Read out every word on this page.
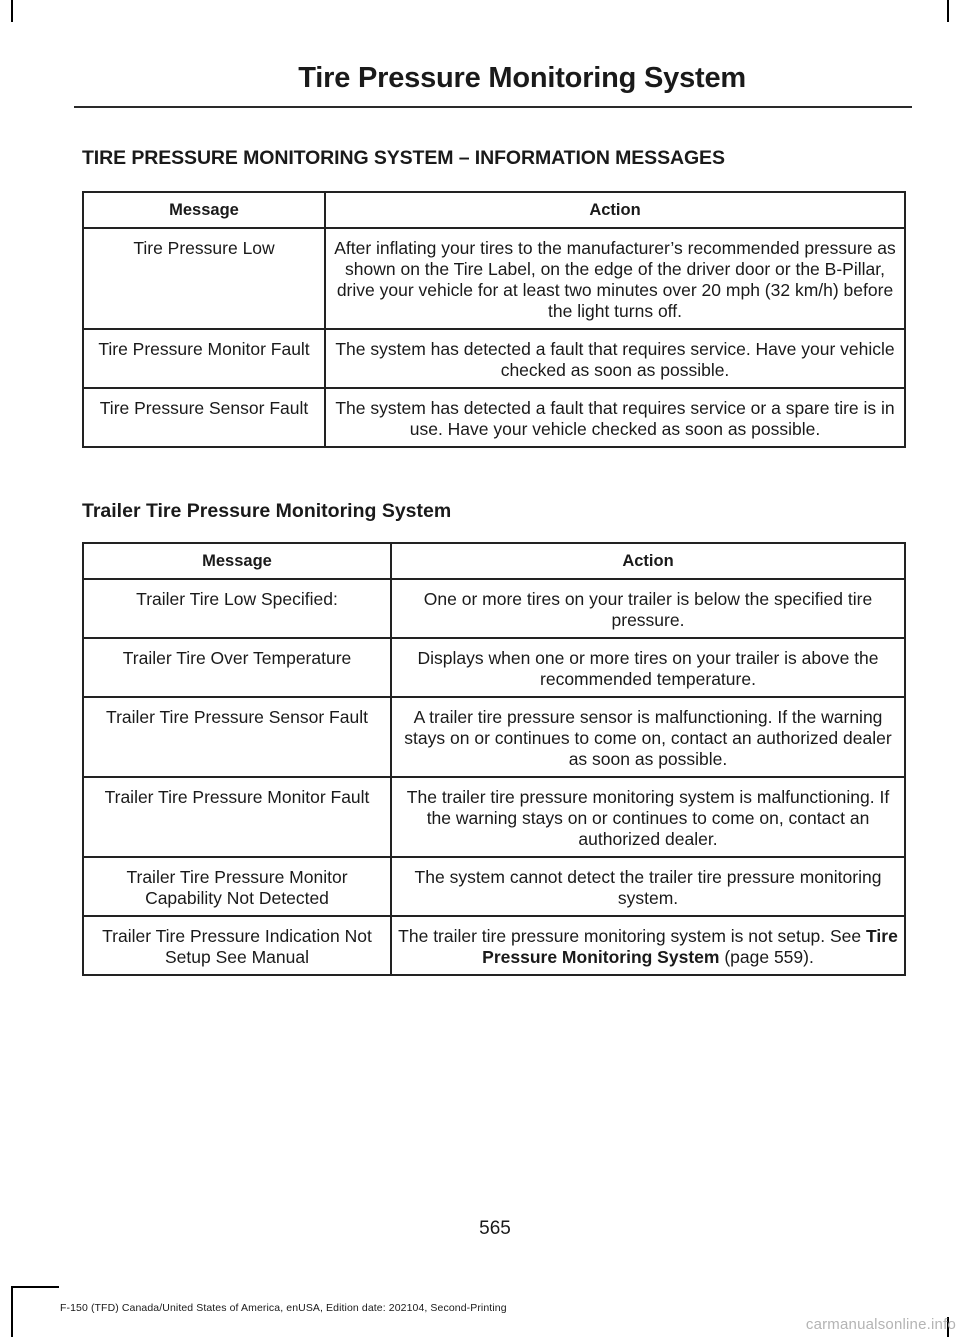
Tire Pressure Monitoring System
TIRE PRESSURE MONITORING SYSTEM – INFORMATION MESSAGES
Message	Action
Tire Pressure Low	After inflating your tires to the manufacturer’s recommended pressure as shown on the Tire Label, on the edge of the driver door or the B-Pillar, drive your vehicle for at least two minutes over 20 mph (32 km/h) before the light turns off.
Tire Pressure Monitor Fault	The system has detected a fault that requires service. Have your vehicle checked as soon as possible.
Tire Pressure Sensor Fault	The system has detected a fault that requires service or a spare tire is in use. Have your vehicle checked as soon as possible.
Trailer Tire Pressure Monitoring System
Message	Action
Trailer Tire Low Specified:	One or more tires on your trailer is below the specified tire pressure.
Trailer Tire Over Temperature	Displays when one or more tires on your trailer is above the recommended temperature.
Trailer Tire Pressure Sensor Fault	A trailer tire pressure sensor is malfunctioning. If the warning stays on or continues to come on, contact an authorized dealer as soon as possible.
Trailer Tire Pressure Monitor Fault	The trailer tire pressure monitoring system is malfunctioning. If the warning stays on or continues to come on, contact an authorized dealer.
Trailer Tire Pressure Monitor Capability Not Detected	The system cannot detect the trailer tire pressure monitoring system.
Trailer Tire Pressure Indication Not Setup See Manual	The trailer tire pressure monitoring system is not setup. See Tire Pressure Monitoring System (page 559).
565
F-150 (TFD) Canada/United States of America, enUSA, Edition date: 202104, Second-Printing
carmanualsonline.info
